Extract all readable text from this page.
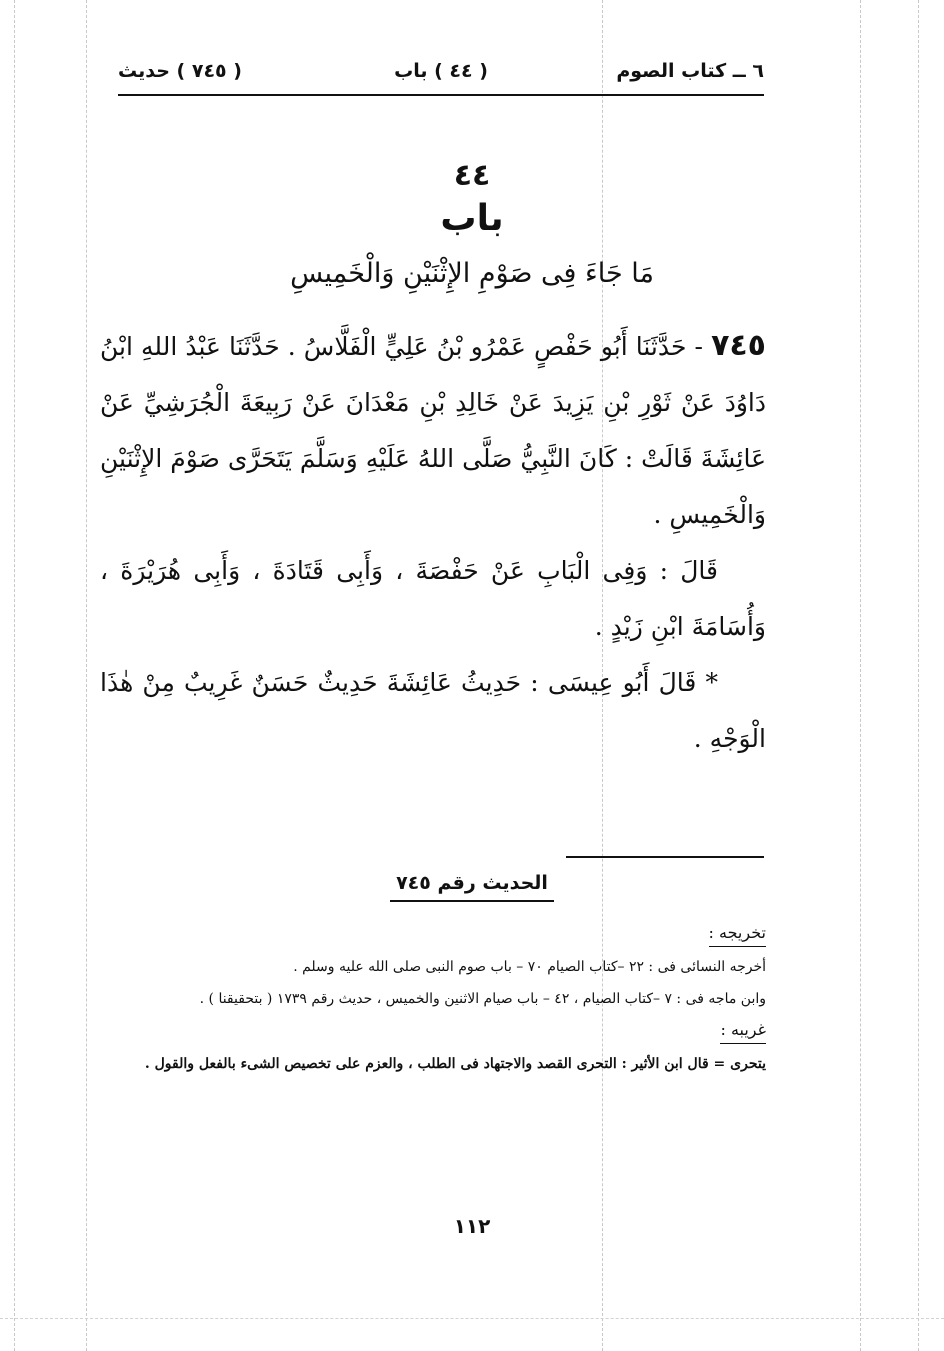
٦ ــ كتاب الصوم
( ٤٤ ) باب
( ٧٤٥ ) حديث
٤٤
باب
مَا جَاءَ فِى صَوْمِ الإِثْنَيْنِ وَالْخَمِيسِ

٧٤٥ - حَدَّثَنَا أَبُو حَفْصٍ عَمْرُو بْنُ عَلِيٍّ الْفَلَّاسُ . حَدَّثَنَا عَبْدُ اللهِ ابْنُ دَاوُدَ عَنْ ثَوْرِ بْنِ يَزِيدَ عَنْ خَالِدِ بْنِ مَعْدَانَ عَنْ رَبِيعَةَ الْجُرَشِيِّ عَنْ عَائِشَةَ قَالَتْ : كَانَ النَّبِيُّ صَلَّى اللهُ عَلَيْهِ وَسَلَّمَ يَتَحَرَّى صَوْمَ الإِثْنَيْنِ وَالْخَمِيسِ .

قَالَ : وَفِى الْبَابِ عَنْ حَفْصَةَ ، وَأَبِى قَتَادَةَ ، وَأَبِى هُرَيْرَةَ ، وَأُسَامَةَ ابْنِ زَيْدٍ .

* قَالَ أَبُو عِيسَى : حَدِيثُ عَائِشَةَ حَدِيثٌ حَسَنٌ غَرِيبٌ مِنْ هٰذَا الْوَجْهِ .

الحديث رقم ٧٤٥

تخريجه :

أخرجه النسائى فى : ٢٢ –كتاب الصيام ٧٠ – باب صوم النبى صلى الله عليه وسلم .

وابن ماجه فى : ٧ –كتاب الصيام ، ٤٢ – باب صيام الاثنين والخميس ، حديث رقم ١٧٣٩ ( بتحقيقنا ) .

غريبه :

يتحرى = قال ابن الأثير : التحرى القصد والاجتهاد فى الطلب ، والعزم على تخصيص الشىء بالفعل والقول .

١١٢
